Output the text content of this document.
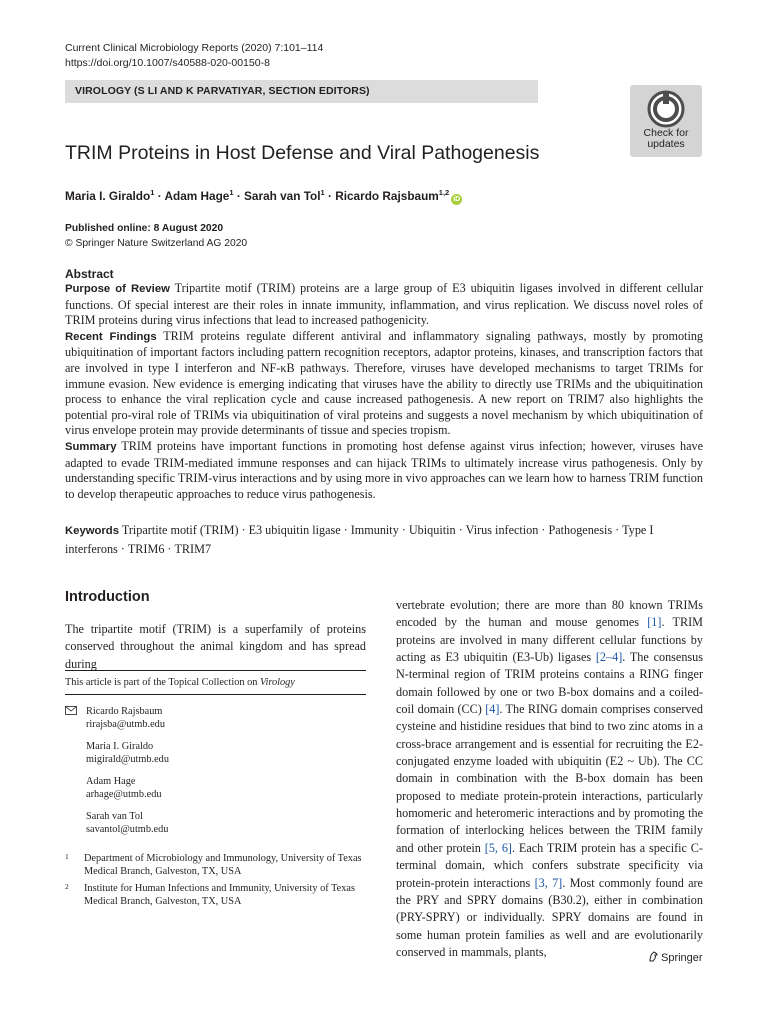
Current Clinical Microbiology Reports (2020) 7:101–114
https://doi.org/10.1007/s40588-020-00150-8
VIROLOGY (S LI AND K PARVATIYAR, SECTION EDITORS)
Check for
updates
TRIM Proteins in Host Defense and Viral Pathogenesis
Maria I. Giraldo$^1$ · Adam Hage$^1$ · Sarah van Tol$^1$ · Ricardo Rajsbaum$^{1,2}$iD
Published online: 8 August 2020
© Springer Nature Switzerland AG 2020
Abstract

Purpose of Review Tripartite motif (TRIM) proteins are a large group of E3 ubiquitin ligases involved in different cellular functions. Of special interest are their roles in innate immunity, inflammation, and virus replication. We discuss novel roles of TRIM proteins during virus infections that lead to increased pathogenicity.

Recent Findings TRIM proteins regulate different antiviral and inflammatory signaling pathways, mostly by promoting ubiquitination of important factors including pattern recognition receptors, adaptor proteins, kinases, and transcription factors that are involved in type I interferon and NF-κB pathways. Therefore, viruses have developed mechanisms to target TRIMs for immune evasion. New evidence is emerging indicating that viruses have the ability to directly use TRIMs and the ubiquitination process to enhance the viral replication cycle and cause increased pathogenesis. A new report on TRIM7 also highlights the potential pro-viral role of TRIMs via ubiquitination of viral proteins and suggests a novel mechanism by which ubiquitination of virus envelope protein may provide determinants of tissue and species tropism.

Summary TRIM proteins have important functions in promoting host defense against virus infection; however, viruses have adapted to evade TRIM-mediated immune responses and can hijack TRIMs to ultimately increase virus pathogenesis. Only by understanding specific TRIM-virus interactions and by using more in vivo approaches can we learn how to harness TRIM function to develop therapeutic approaches to reduce virus pathogenesis.

Keywords Tripartite motif (TRIM) · E3 ubiquitin ligase · Immunity · Ubiquitin · Virus infection · Pathogenesis · Type I interferons · TRIM6 · TRIM7
Introduction
The tripartite motif (TRIM) is a superfamily of proteins conserved throughout the animal kingdom and has spread during
This article is part of the Topical Collection on Virology
Ricardo Rajsbaum
rirajsba@utmb.edu
Maria I. Giraldo
migirald@utmb.edu
Adam Hage
arhage@utmb.edu
Sarah van Tol
savantol@utmb.edu
1 Department of Microbiology and Immunology, University of Texas Medical Branch, Galveston, TX, USA
2 Institute for Human Infections and Immunity, University of Texas Medical Branch, Galveston, TX, USA
vertebrate evolution; there are more than 80 known TRIMs encoded by the human and mouse genomes [1]. TRIM proteins are involved in many different cellular functions by acting as E3 ubiquitin (E3-Ub) ligases [2–4]. The consensus N-terminal region of TRIM proteins contains a RING finger domain followed by one or two B-box domains and a coiled-coil domain (CC) [4]. The RING domain comprises conserved cysteine and histidine residues that bind to two zinc atoms in a cross-brace arrangement and is essential for recruiting the E2-conjugated enzyme loaded with ubiquitin (E2 ~ Ub). The CC domain in combination with the B-box domain has been proposed to mediate protein-protein interactions, particularly homomeric and heteromeric interactions and by promoting the formation of interlocking helices between the TRIM family and other protein [5, 6]. Each TRIM protein has a specific C-terminal domain, which confers substrate specificity via protein-protein interactions [3, 7]. Most commonly found are the PRY and SPRY domains (B30.2), either in combination (PRY-SPRY) or individually. SPRY domains are found in some human protein families as well and are evolutionarily conserved in mammals, plants,	Springer
